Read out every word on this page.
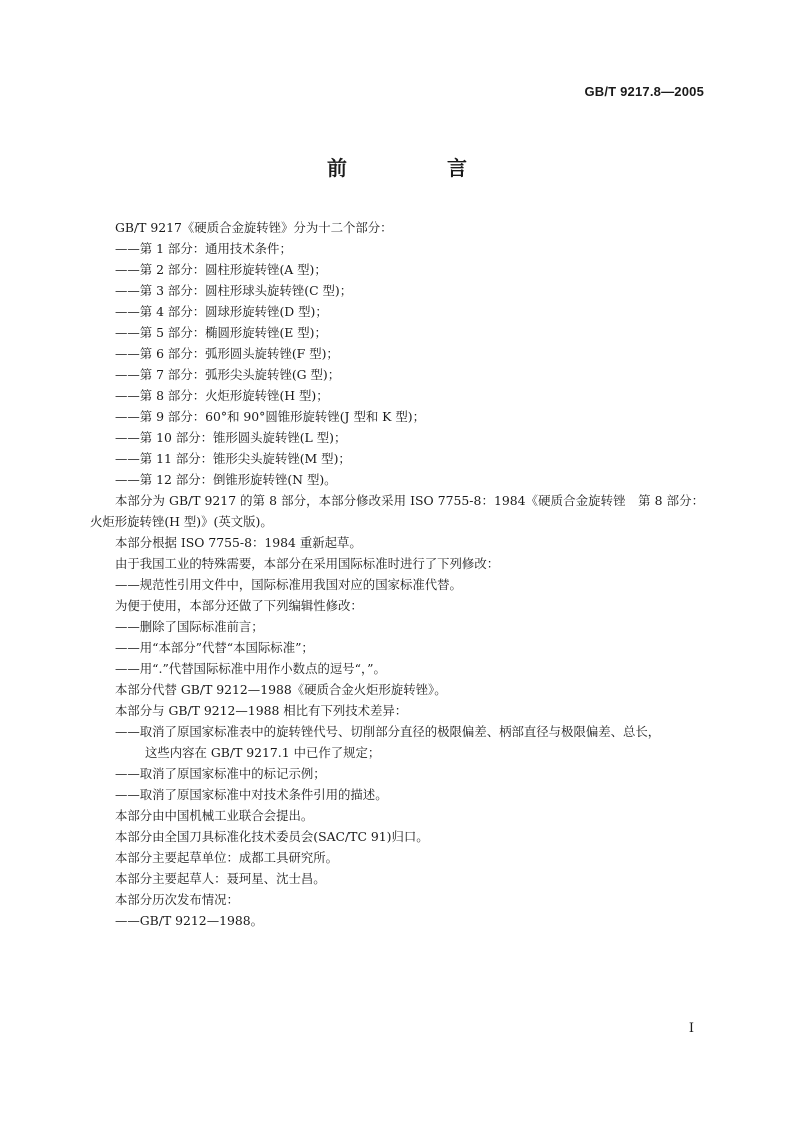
GB/T 9217.8—2005
前　言
GB/T 9217《硬质合金旋转锉》分为十二个部分：
——第 1 部分：通用技术条件；
——第 2 部分：圆柱形旋转锉(A 型)；
——第 3 部分：圆柱形球头旋转锉(C 型)；
——第 4 部分：圆球形旋转锉(D 型)；
——第 5 部分：椭圆形旋转锉(E 型)；
——第 6 部分：弧形圆头旋转锉(F 型)；
——第 7 部分：弧形尖头旋转锉(G 型)；
——第 8 部分：火炬形旋转锉(H 型)；
——第 9 部分：60°和 90°圆锥形旋转锉(J 型和 K 型)；
——第 10 部分：锥形圆头旋转锉(L 型)；
——第 11 部分：锥形尖头旋转锉(M 型)；
——第 12 部分：倒锥形旋转锉(N 型)。
本部分为 GB/T 9217 的第 8 部分，本部分修改采用 ISO 7755-8：1984《硬质合金旋转锉　第 8 部分：火炬形旋转锉(H 型)》(英文版)。
本部分根据 ISO 7755-8：1984 重新起草。
由于我国工业的特殊需要，本部分在采用国际标准时进行了下列修改：
——规范性引用文件中，国际标准用我国对应的国家标准代替。
为便于使用，本部分还做了下列编辑性修改：
——删除了国际标准前言；
——用“本部分”代替“本国际标准”；
——用“.”代替国际标准中用作小数点的逗号“，”。
本部分代替 GB/T 9212—1988《硬质合金火炬形旋转锉》。
本部分与 GB/T 9212—1988 相比有下列技术差异：
——取消了原国家标准表中的旋转锉代号、切削部分直径的极限偏差、柄部直径与极限偏差、总长，
这些内容在 GB/T 9217.1 中已作了规定；
——取消了原国家标准中的标记示例；
——取消了原国家标准中对技术条件引用的描述。
本部分由中国机械工业联合会提出。
本部分由全国刀具标准化技术委员会(SAC/TC 91)归口。
本部分主要起草单位：成都工具研究所。
本部分主要起草人：聂珂星、沈士昌。
本部分历次发布情况：
——GB/T 9212—1988。
I
